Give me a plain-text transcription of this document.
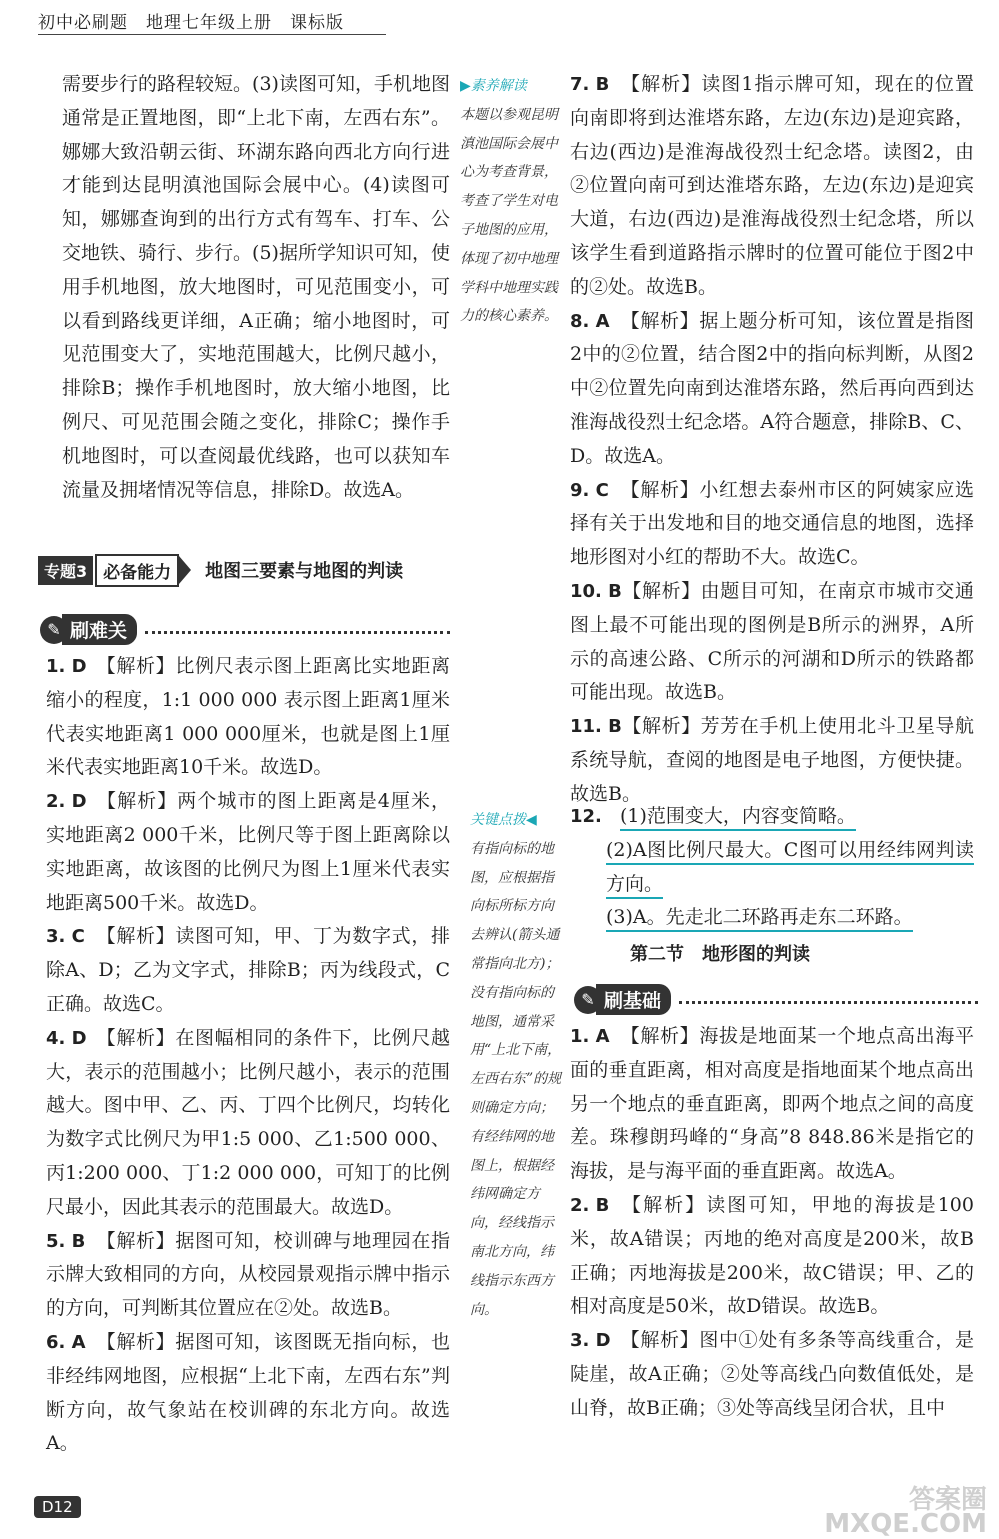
初中必刷题　地理七年级上册　课标版

需要步行的路程较短。(3)读图可知，手机地图通常是正置地图，即“上北下南，左西右东”。娜娜大致沿朝云街、环湖东路向西北方向行进才能到达昆明滇池国际会展中心。(4)读图可知，娜娜查询到的出行方式有驾车、打车、公交地铁、骑行、步行。(5)据所学知识可知，使用手机地图，放大地图时，可见范围变小，可以看到路线更详细，A正确；缩小地图时，可见范围变大了，实地范围越大，比例尺越小，排除B；操作手机地图时，放大缩小地图，比例尺、可见范围会随之变化，排除C；操作手机地图时，可以查阅最优线路，也可以获知车流量及拥堵情况等信息，排除D。故选A。

▶素养解读
本题以参观昆明滇池国际会展中心为考查背景，考查了学生对电子地图的应用，体现了初中地理学科中地理实践力的核心素养。
专题3 必备能力	地图三要素与地图的判读
✎ 刷难关

1. D 【解析】比例尺表示图上距离比实地距离缩小的程度，1:1 000 000 表示图上距离1厘米代表实地距离1 000 000厘米，也就是图上1厘米代表实地距离10千米。故选D。

2. D 【解析】两个城市的图上距离是4厘米，实地距离2 000千米，比例尺等于图上距离除以实地距离，故该图的比例尺为图上1厘米代表实地距离500千米。故选D。

3. C 【解析】读图可知，甲、丁为数字式，排除A、D；乙为文字式，排除B；丙为线段式，C正确。故选C。

4. D 【解析】在图幅相同的条件下，比例尺越大，表示的范围越小；比例尺越小，表示的范围越大。图中甲、乙、丙、丁四个比例尺，均转化为数字式比例尺为甲1:5 000、乙1:500 000、丙1:200 000、丁1:2 000 000，可知丁的比例尺最小，因此其表示的范围最大。故选D。

5. B 【解析】据图可知，校训碑与地理园在指示牌大致相同的方向，从校园景观指示牌中指示的方向，可判断其位置应在②处。故选B。

6. A 【解析】据图可知，该图既无指向标，也非经纬网地图，应根据“上北下南，左西右东”判断方向，故气象站在校训碑的东北方向。故选A。

关键点拨◀
有指向标的地图，应根据指向标所标方向去辨认(箭头通常指向北方)；没有指向标的地图，通常采用“上北下南，左西右东”的规则确定方向；有经纬网的地图上，根据经纬网确定方向，经线指示南北方向，纬线指示东西方向。

7. B 【解析】读图1指示牌可知，现在的位置向南即将到达淮塔东路，左边(东边)是迎宾路，右边(西边)是淮海战役烈士纪念塔。读图2，由②位置向南可到达淮塔东路，左边(东边)是迎宾大道，右边(西边)是淮海战役烈士纪念塔，所以该学生看到道路指示牌时的位置可能位于图2中的②处。故选B。

8. A 【解析】据上题分析可知，该位置是指图2中的②位置，结合图2中的指向标判断，从图2中②位置先向南到达淮塔东路，然后再向西到达淮海战役烈士纪念塔。A符合题意，排除B、C、D。故选A。

9. C 【解析】小红想去泰州市区的阿姨家应选择有关于出发地和目的地交通信息的地图，选择地形图对小红的帮助不大。故选C。

10. B【解析】由题目可知，在南京市城市交通图上最不可能出现的图例是B所示的洲界，A所示的高速公路、C所示的河湖和D所示的铁路都可能出现。故选B。

11. B【解析】芳芳在手机上使用北斗卫星导航系统导航，查阅的地图是电子地图，方便快捷。故选B。

12. (1)范围变大，内容变简略。

(2)A图比例尺最大。C图可以用经纬网判读方向。

(3)A。先走北二环路再走东二环路。

第二节　地形图的判读
✎ 刷基础

1. A 【解析】海拔是地面某一个地点高出海平面的垂直距离，相对高度是指地面某个地点高出另一个地点的垂直距离，即两个地点之间的高度差。珠穆朗玛峰的“身高”8 848.86米是指它的海拔，是与海平面的垂直距离。故选A。

2. B 【解析】读图可知，甲地的海拔是100米，故A错误；丙地的绝对高度是200米，故B正确；丙地海拔是200米，故C错误；甲、乙的相对高度是50米，故D错误。故选B。

3. D 【解析】图中①处有多条等高线重合，是陡崖，故A正确；②处等高线凸向数值低处，是山脊，故B正确；③处等高线呈闭合状，且中

D12	答案圈
MXQE.COM
